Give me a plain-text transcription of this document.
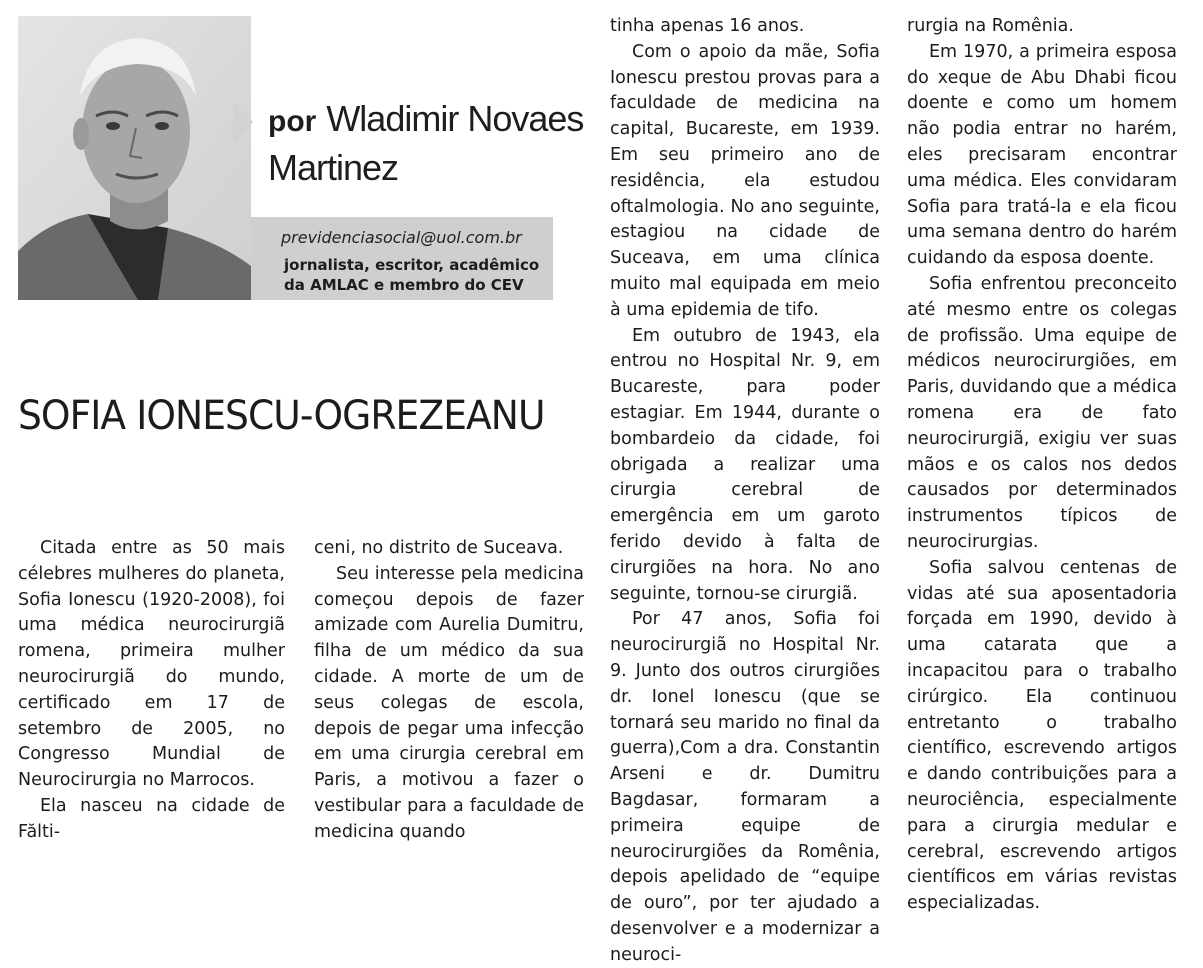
por Wladimir Novaes Martinez
previdenciasocial@uol.com.br
jornalista, escritor, acadêmico da AMLAC e membro do CEV
SOFIA IONESCU-OGREZEANU

Citada entre as 50 mais célebres mulheres do planeta, Sofia Ionescu (1920-2008), foi uma médica neurocirurgiã romena, primeira mulher neurocirurgiã do mundo, certificado em 17 de setembro de 2005, no Congresso Mundial de Neurocirurgia no Marrocos.

Ela nasceu na cidade de Fălti-

ceni, no distrito de Suceava.

Seu interesse pela medicina começou depois de fazer amizade com Aurelia Dumitru, filha de um médico da sua cidade. A morte de um de seus colegas de escola, depois de pegar uma infecção em uma cirurgia cerebral em Paris, a motivou a fazer o vestibular para a faculdade de medicina quando

tinha apenas 16 anos.

Com o apoio da mãe, Sofia Ionescu prestou provas para a faculdade de medicina na capital, Bucareste, em 1939. Em seu primeiro ano de residência, ela estudou oftalmologia. No ano seguinte, estagiou na cidade de Suceava, em uma clínica muito mal equipada em meio à uma epidemia de tifo.

Em outubro de 1943, ela entrou no Hospital Nr. 9, em Bucareste, para poder estagiar. Em 1944, durante o bombardeio da cidade, foi obrigada a realizar uma cirurgia cerebral de emergência em um garoto ferido devido à falta de cirurgiões na hora. No ano seguinte, tornou-se cirurgiã.

Por 47 anos, Sofia foi neurocirurgiã no Hospital Nr. 9. Junto dos outros cirurgiões dr. Ionel Ionescu (que se tornará seu marido no final da guerra),Com a dra. Constantin Arseni e dr. Dumitru Bagdasar, formaram a primeira equipe de neurocirurgiões da Romênia, depois apelidado de “equipe de ouro”, por ter ajudado a desenvolver e a modernizar a neuroci-

rurgia na Romênia.

Em 1970, a primeira esposa do xeque de Abu Dhabi ficou doente e como um homem não podia entrar no harém, eles precisaram encontrar uma médica. Eles convidaram Sofia para tratá-la e ela ficou uma semana dentro do harém cuidando da esposa doente.

Sofia enfrentou preconceito até mesmo entre os colegas de profissão. Uma equipe de médicos neurocirurgiões, em Paris, duvidando que a médica romena era de fato neurocirurgiã, exigiu ver suas mãos e os calos nos dedos causados por determinados instrumentos típicos de neurocirurgias.

Sofia salvou centenas de vidas até sua aposentadoria forçada em 1990, devido à uma catarata que a incapacitou para o trabalho cirúrgico. Ela continuou entretanto o trabalho científico, escrevendo artigos e dando contribuições para a neurociência, especialmente para a cirurgia medular e cerebral, escrevendo artigos científicos em várias revistas especializadas.
